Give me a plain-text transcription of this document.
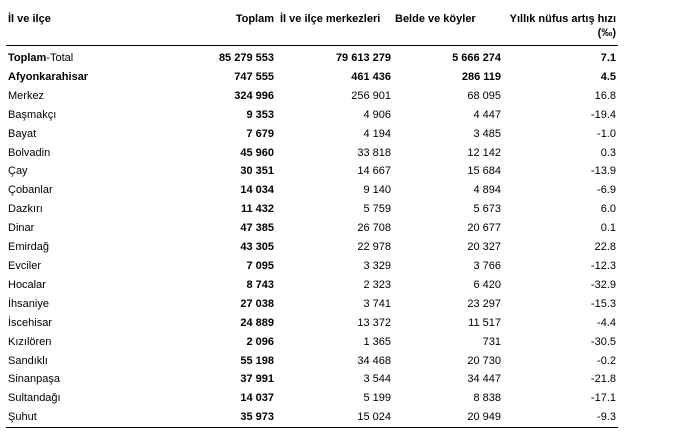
İl ve ilçe	Toplam	İl ve ilçe merkezleri	Belde ve köyler	Yıllık nüfus artış hızı (‰)
Toplam-Total	85 279 553	79 613 279	5 666 274	7.1
Afyonkarahisar	747 555	461 436	286 119	4.5
Merkez	324 996	256 901	68 095	16.8
Başmakçı	9 353	4 906	4 447	-19.4
Bayat	7 679	4 194	3 485	-1.0
Bolvadin	45 960	33 818	12 142	0.3
Çay	30 351	14 667	15 684	-13.9
Çobanlar	14 034	9 140	4 894	-6.9
Dazkırı	11 432	5 759	5 673	6.0
Dinar	47 385	26 708	20 677	0.1
Emirdağ	43 305	22 978	20 327	22.8
Evciler	7 095	3 329	3 766	-12.3
Hocalar	8 743	2 323	6 420	-32.9
İhsaniye	27 038	3 741	23 297	-15.3
İscehisar	24 889	13 372	11 517	-4.4
Kızılören	2 096	1 365	731	-30.5
Sandıklı	55 198	34 468	20 730	-0.2
Sinanpaşa	37 991	3 544	34 447	-21.8
Sultandağı	14 037	5 199	8 838	-17.1
Şuhut	35 973	15 024	20 949	-9.3
